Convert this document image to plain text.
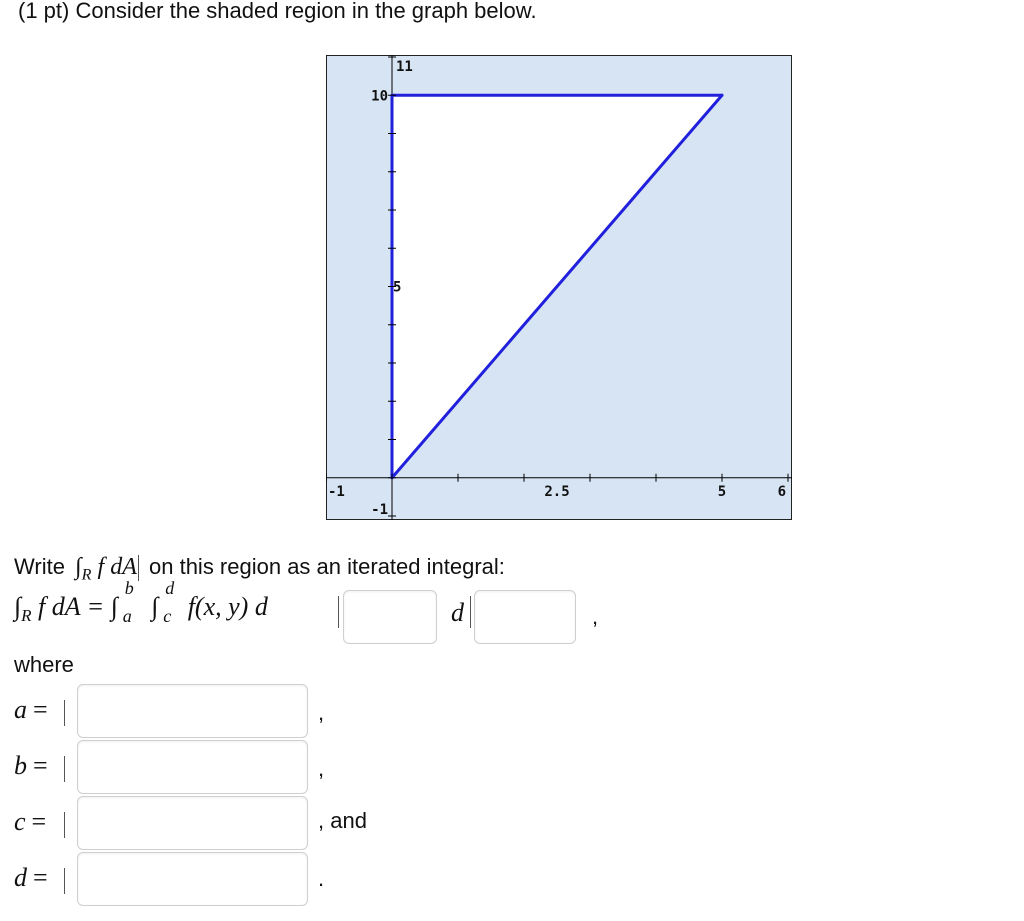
(1 pt) Consider the shaded region in the graph below.
-1	2.5	5	6
-1
5
10
11
Write $\int_R$ f dA on this region as an iterated integral:
$\int_R$ f dA = ∫
b
a ∫
d
c f(x, y) d	d	,
where
a =	,
b =	,
c =	, and
d =	.
